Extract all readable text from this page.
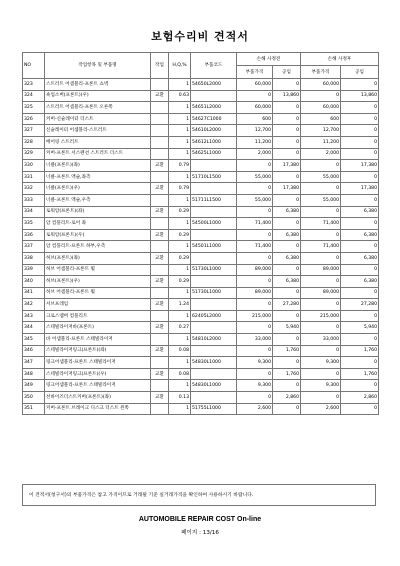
보험수리비 견적서
NO	작업항목 및 부품명	작업	H,Q,%	부품코드	손해 사정전		손해 사정후	
					부품가격	공임	부품가격	공임
323	스트러트 어셈블리-프론트 쇼벽		1	54650L2000	60,000	0	60,000	0
324	쇽업소버(프론트)(우)	교환	0.63		0	13,860	0	13,860
325	스트러트 어셈블리-프론트 오른쪽		1	54651L2000	60,000	0	60,000	0
326	커버-신슐레이터 더스트		1	54627C1000	600	0	600	0
327	신슐레이터 어셈블리-스트러트		1	54610L2000	12,700	0	12,700	0
328	베어링 스트러트		1	54612L1000	11,200	0	11,200	0
329	커버-프론트 서스펜션 스트러트 더스트		1	54625L1000	2,000	0	2,000	0
330	너클(프론트)(좌)	교환	0.79		0	17,380	0	17,380
331	너클-프론트 액슬,좌측		1	51710L1500	55,000	0	55,000	0
332	너클(프론트)(우)	교환	0.79		0	17,380	0	17,380
333	너클-프론트 액슬,우측		1	51711L1500	55,000	0	55,000	0
334	로워암(프론트)(좌)	교환	0.29		0	6,380	0	6,380
335	암 컴플리트-로어 좌		1	54500L1000	71,400	0	71,400	0
336	로워암(프론트)(우)	교환	0.29		0	6,380	0	6,380
337	암 컴플리트-프론트 하부,우측		1	54501L1000	71,400	0	71,400	0
338	허브(프론트)(좌)	교환	0.29		0	6,380	0	6,380
339	허브 어셈블리-프론트 휠		1	51730L1000	89,000	0	89,000	0
340	허브(프론트)(우)	교환	0.29		0	6,380	0	6,380
341	허브 어셈블리-프론트 휠		1	51730L1000	89,000	0	89,000	0
342	서브프레임	교환	1.24		0	27,280	0	27,280
343	크로스멤버 컴플리트		1	62405L2000	215,000	0	215,000	0
344	스테빌라이저바(프론트)	교환	0.27		0	5,940	0	5,940
345	바 어셈블리-프론트 스태빌라이저		1	54810L2000	33,000	0	33,000	0
346	스테빌라이저링크(프론트)(좌)	교환	0.08		0	1,760	0	1,760
347	링크어셈블리-프론트 스태빌라이저		1	54830L1000	9,300	0	9,300	0
348	스테빌라이저링크(프론트)(우)	교환	0.08		0	1,760	0	1,760
349	링크어셈블리-프론트 스태빌라이저		1	54830L1000	9,300	0	9,300	0
350	선바이즈더스트커버(프론트)(좌)	교환	0.13		0	2,860	0	2,860
351	커버-프론트 브레이크 디스크 더스트 왼쪽		1	51755L1000	2,600	0	2,600	0
이 견적서(청구서)의 부품가격은 참고 가격이므로 거래될 기준 실거래가격을 확인하여 사용하시기 바랍니다.
AUTOMOBILE REPAIR COST On-line
페이지 : 13/16
